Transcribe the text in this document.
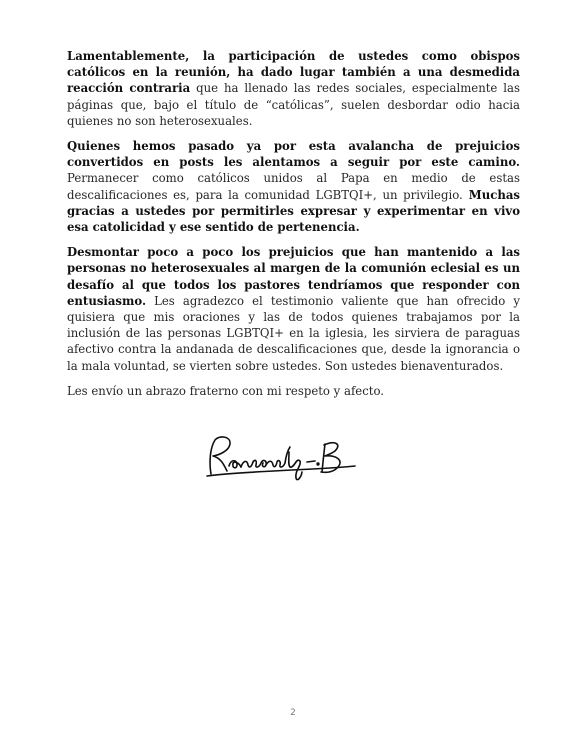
Lamentablemente, la participación de ustedes como obispos católicos en la reunión, ha dado lugar también a una desmedida reacción contraria que ha llenado las redes sociales, especialmente las páginas que, bajo el título de “católicas”, suelen desbordar odio hacia quienes no son heterosexuales.

Quienes hemos pasado ya por esta avalancha de prejuicios convertidos en posts les alentamos a seguir por este camino. Permanecer como católicos unidos al Papa en medio de estas descalificaciones es, para la comunidad LGBTQI+, un privilegio. Muchas gracias a ustedes por permitirles expresar y experimentar en vivo esa catolicidad y ese sentido de pertenencia.

Desmontar poco a poco los prejuicios que han mantenido a las personas no heterosexuales al margen de la comunión eclesial es un desafío al que todos los pastores tendríamos que responder con entusiasmo. Les agradezco el testimonio valiente que han ofrecido y quisiera que mis oraciones y las de todos quienes trabajamos por la inclusión de las personas LGBTQI+ en la iglesia, les sirviera de paraguas afectivo contra la andanada de descalificaciones que, desde la ignorancia o la mala voluntad, se vierten sobre ustedes. Son ustedes bienaventurados.

Les envío un abrazo fraterno con mi respeto y afecto.

2
